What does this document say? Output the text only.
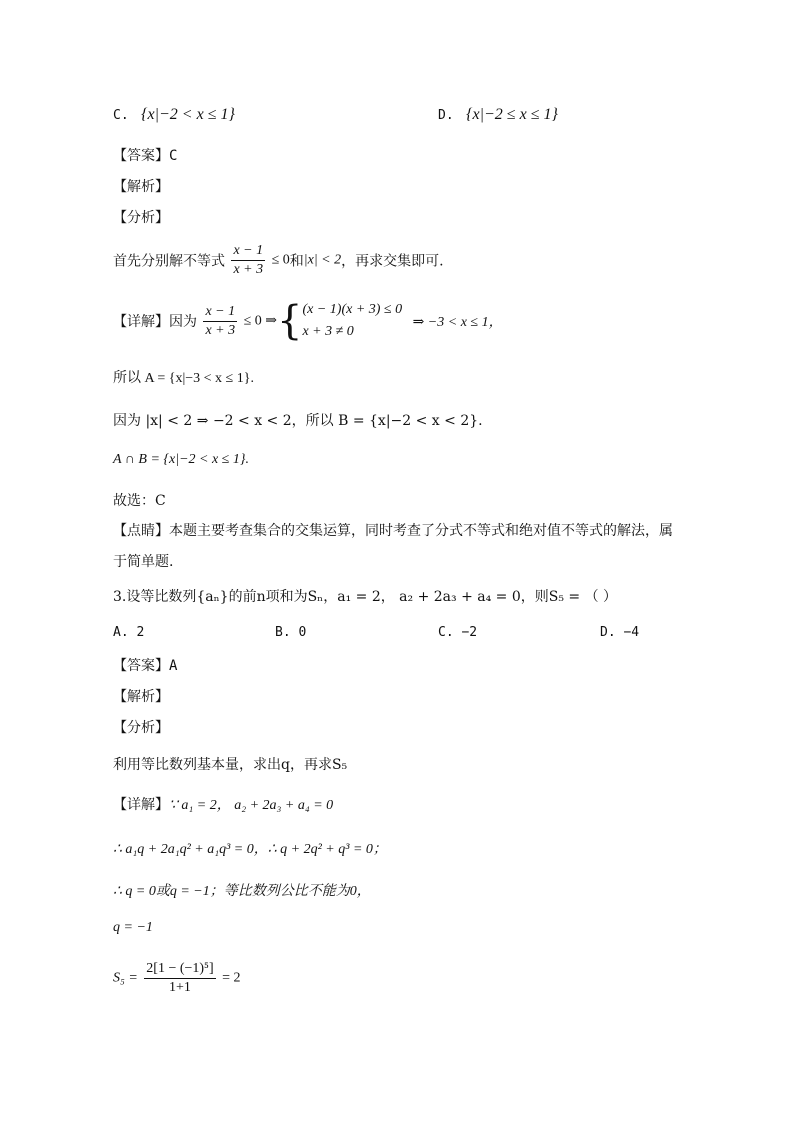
C. {x|−2 < x ≤ 1}	D. {x|−2 ≤ x ≤ 1}
【答案】C
【解析】
【分析】
首先分别解不等式 $\frac{x - 1}{x + 3} \le 0$和|x| < 2，再求交集即可.
【详解】因为 $\frac{x - 1}{x + 3} \le 0$ ⇒{ (x − 1)(x + 3) ≤ 0
x + 3 ≠ 0
⇒ −3 < x ≤ 1，
所以 A = {x|−3 < x ≤ 1}.
因为 |x| < 2 ⇒ −2 < x < 2，所以 B = {x|−2 < x < 2}.
A ∩ B = {x|−2 < x ≤ 1}.
故选：C
【点睛】本题主要考查集合的交集运算，同时考查了分式不等式和绝对值不等式的解法，属
于简单题.
3.设等比数列{aₙ}的前n项和为Sₙ，a₁ = 2， a₂ + 2a₃ + a₄ = 0，则S₅ = （ ）
A. 2	B. 0	C. −2	D. −4
【答案】A
【解析】
【分析】
利用等比数列基本量，求出q，再求S₅
【详解】∵ a₁ = 2， a₂ + 2a₃ + a₄ = 0
∴ a₁q + 2a₁q² + a₁q³ = 0，∴ q + 2q² + q³ = 0；
∴ q = 0或q = −1；等比数列公比不能为0，
q = −1
$S_5 = \frac{\text{2[1 − (−1)⁵]}}{1+1} = 2$
